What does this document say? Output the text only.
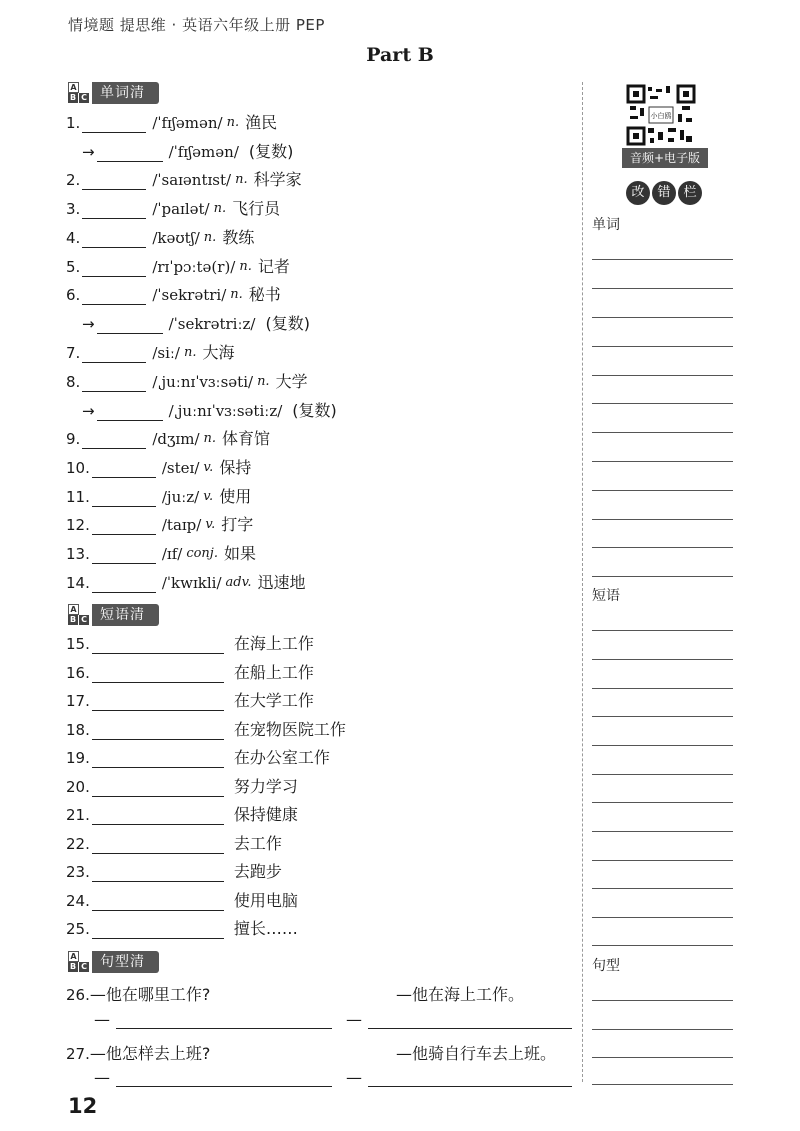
情境题 提思维 · 英语六年级上册 PEP
Part B
A
B C 单词清
A
B C 短语清
A
B C 句型清
1.	/ˈfɪʃəmən/ n. 渔民
→	/ˈfɪʃəmən/ (复数)
2.	/ˈsaɪəntɪst/ n. 科学家
3.	/ˈpaɪlət/ n. 飞行员
4.	/kəʊtʃ/ n. 教练
5.	/rɪˈpɔːtə(r)/ n. 记者
6.	/ˈsekrətri/ n. 秘书
→	/ˈsekrətriːz/ (复数)
7.	/siː/ n. 大海
8.	/ˌjuːnɪˈvɜːsəti/ n. 大学
→	/ˌjuːnɪˈvɜːsətiːz/ (复数)
9.	/dʒɪm/ n. 体育馆
10.	/steɪ/ v. 保持
11.	/juːz/ v. 使用
12.	/taɪp/ v. 打字
13.	/ɪf/ conj. 如果
14.	/ˈkwɪkli/ adv. 迅速地
15.	在海上工作
16.	在船上工作
17.	在大学工作
18.	在宠物医院工作
19.	在办公室工作
20.	努力学习
21.	保持健康
22.	去工作
23.	去跑步
24.	使用电脑
25.	擅长……
26.—他在哪里工作?	—他在海上工作。
—	—
27.—他怎样去上班?	—他骑自行车去上班。
—	—
12
小白鸥
音频+电子版
改 错 栏
单词
短语
句型
